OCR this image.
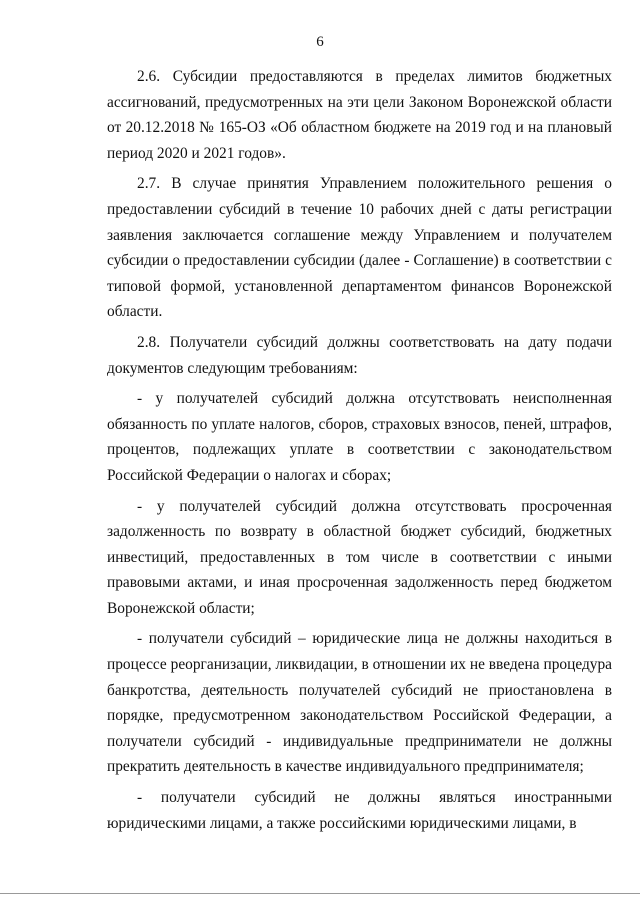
6

2.6. Субсидии предоставляются в пределах лимитов бюджетных ассигнований, предусмотренных на эти цели Законом Воронежской области от 20.12.2018 № 165-ОЗ «Об областном бюджете на 2019 год и на плановый период 2020 и 2021 годов».

2.7. В случае принятия Управлением положительного решения о предоставлении субсидий в течение 10 рабочих дней с даты регистрации заявления заключается соглашение между Управлением и получателем субсидии о предоставлении субсидии (далее - Соглашение) в соответствии с типовой формой, установленной департаментом финансов Воронежской области.

2.8. Получатели субсидий должны соответствовать на дату подачи документов следующим требованиям:

- у получателей субсидий должна отсутствовать неисполненная обязанность по уплате налогов, сборов, страховых взносов, пеней, штрафов, процентов, подлежащих уплате в соответствии с законодательством Российской Федерации о налогах и сборах;

- у получателей субсидий должна отсутствовать просроченная задолженность по возврату в областной бюджет субсидий, бюджетных инвестиций, предоставленных в том числе в соответствии с иными правовыми актами, и иная просроченная задолженность перед бюджетом Воронежской области;

- получатели субсидий – юридические лица не должны находиться в процессе реорганизации, ликвидации, в отношении их не введена процедура банкротства, деятельность получателей субсидий не приостановлена в порядке, предусмотренном законодательством Российской Федерации, а получатели субсидий - индивидуальные предприниматели не должны прекратить деятельность в качестве индивидуального предпринимателя;

- получатели субсидий не должны являться иностранными юридическими лицами, а также российскими юридическими лицами, в
